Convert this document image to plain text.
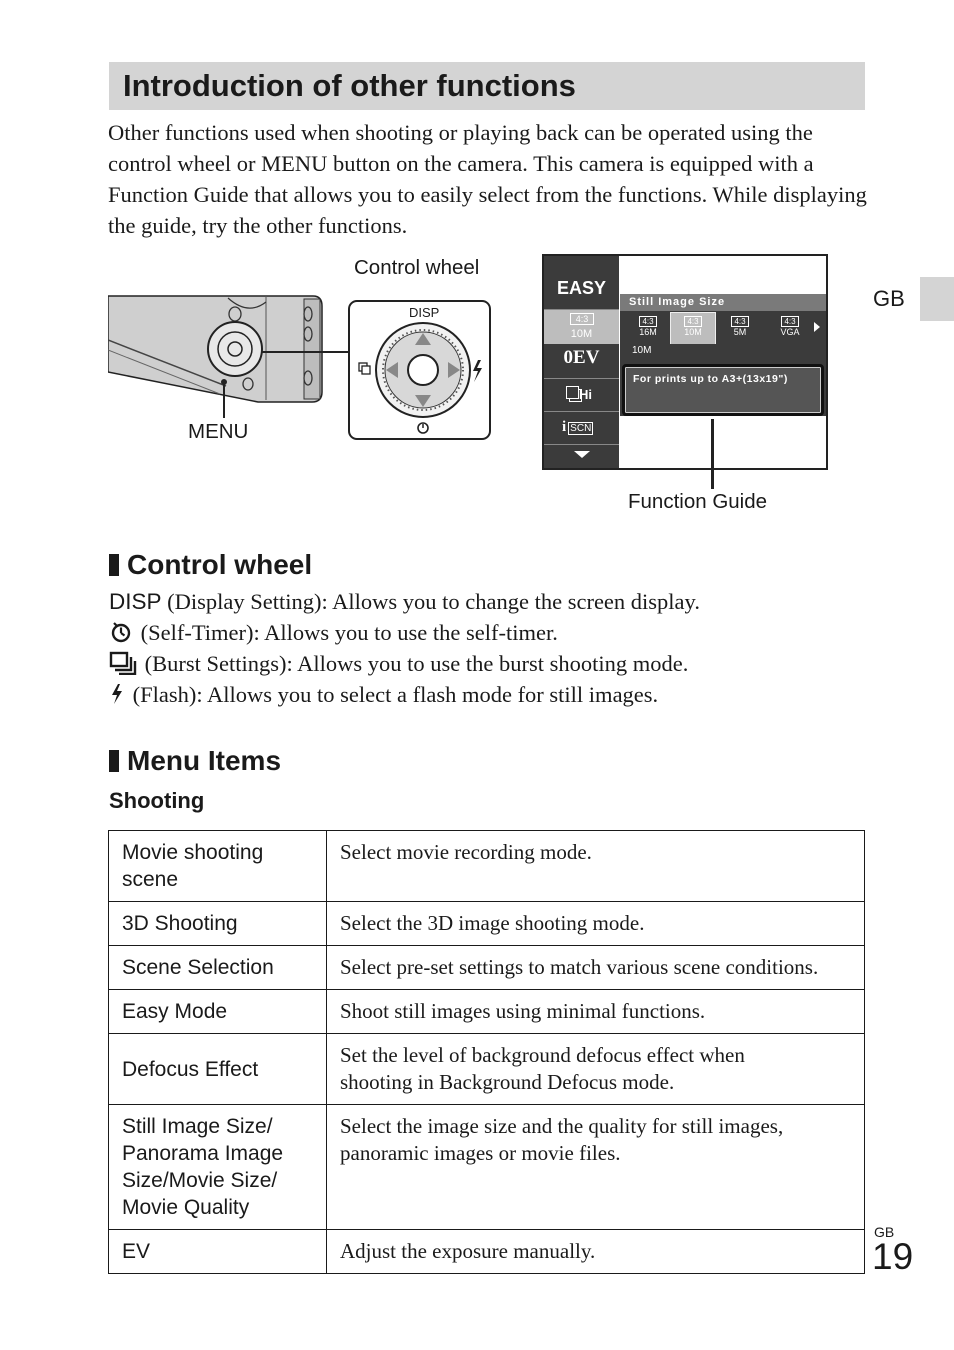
Introduction of other functions

Other functions used when shooting or playing back can be operated using the control wheel or MENU button on the camera. This camera is equipped with a Function Guide that allows you to easily select from the functions. While displaying the guide, try the other functions.

GB
Control wheel
DISP
MENU
EASY
4:3
10M
0EV
Hi
i SCN
Still Image Size
4:3
16M
4:3
10M
4:3
5M
4:3
VGA
10M
For prints up to A3+(13x19")
Function Guide
Control wheel
DISP (Display Setting): Allows you to change the screen display.
(Self-Timer): Allows you to use the self-timer.
(Burst Settings): Allows you to use the burst shooting mode.
(Flash): Allows you to select a flash mode for still images.
Menu Items
Shooting
Movie shooting scene	Select movie recording mode.
3D Shooting	Select the 3D image shooting mode.
Scene Selection	Select pre-set settings to match various scene conditions.
Easy Mode	Shoot still images using minimal functions.
Defocus Effect	Set the level of background defocus effect when shooting in Background Defocus mode.
Still Image Size/ Panorama Image Size/Movie Size/ Movie Quality	Select the image size and the quality for still images, panoramic images or movie files.
EV	Adjust the exposure manually.
GB
19
